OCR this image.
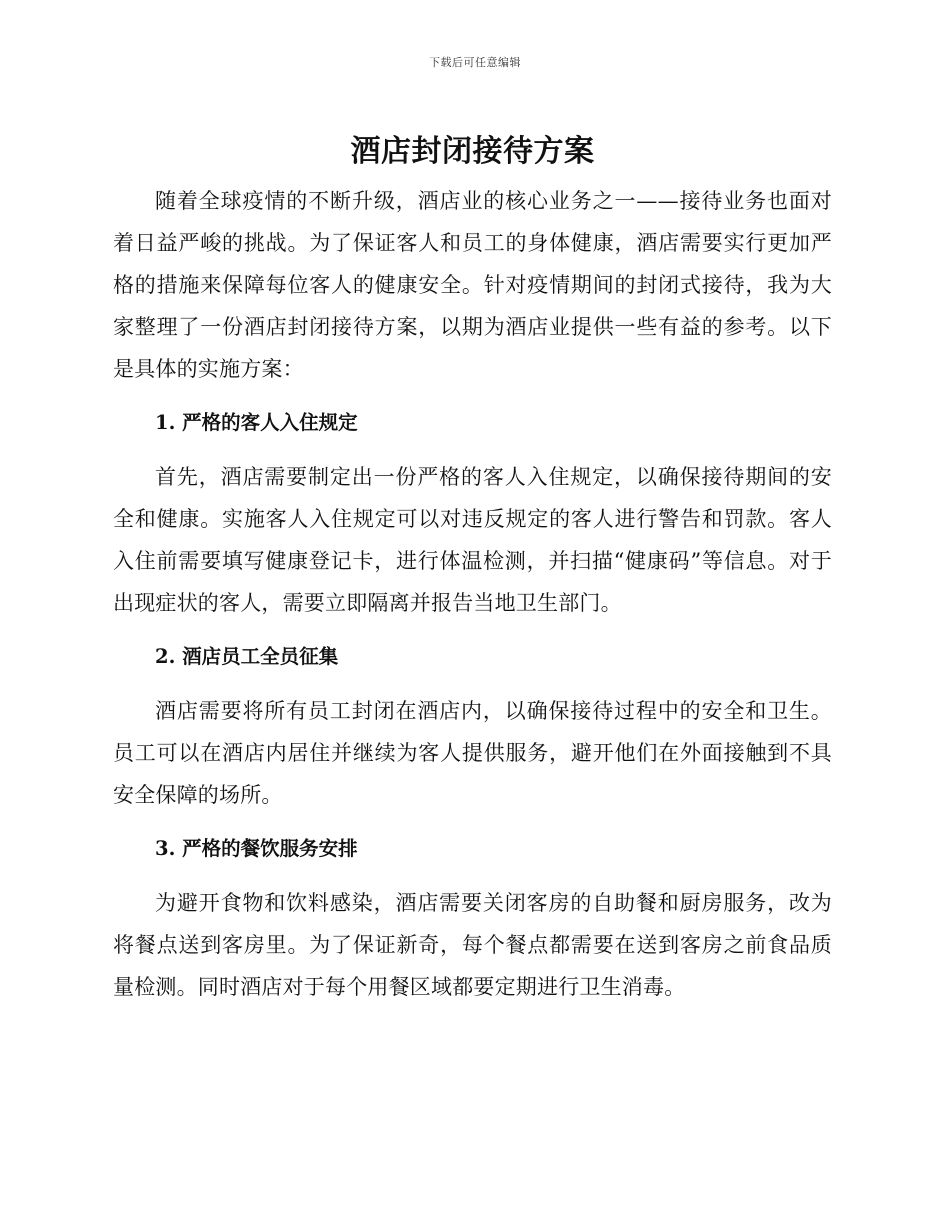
下载后可任意编辑
酒店封闭接待方案

随着全球疫情的不断升级，酒店业的核心业务之一——接待业务也面对着日益严峻的挑战。为了保证客人和员工的身体健康，酒店需要实行更加严格的措施来保障每位客人的健康安全。针对疫情期间的封闭式接待，我为大家整理了一份酒店封闭接待方案，以期为酒店业提供一些有益的参考。以下是具体的实施方案：

1. 严格的客人入住规定

首先，酒店需要制定出一份严格的客人入住规定，以确保接待期间的安全和健康。实施客人入住规定可以对违反规定的客人进行警告和罚款。客人入住前需要填写健康登记卡，进行体温检测，并扫描“健康码”等信息。对于出现症状的客人，需要立即隔离并报告当地卫生部门。

2. 酒店员工全员征集

酒店需要将所有员工封闭在酒店内，以确保接待过程中的安全和卫生。员工可以在酒店内居住并继续为客人提供服务，避开他们在外面接触到不具安全保障的场所。

3. 严格的餐饮服务安排

为避开食物和饮料感染，酒店需要关闭客房的自助餐和厨房服务，改为将餐点送到客房里。为了保证新奇，每个餐点都需要在送到客房之前食品质量检测。同时酒店对于每个用餐区域都要定期进行卫生消毒。
